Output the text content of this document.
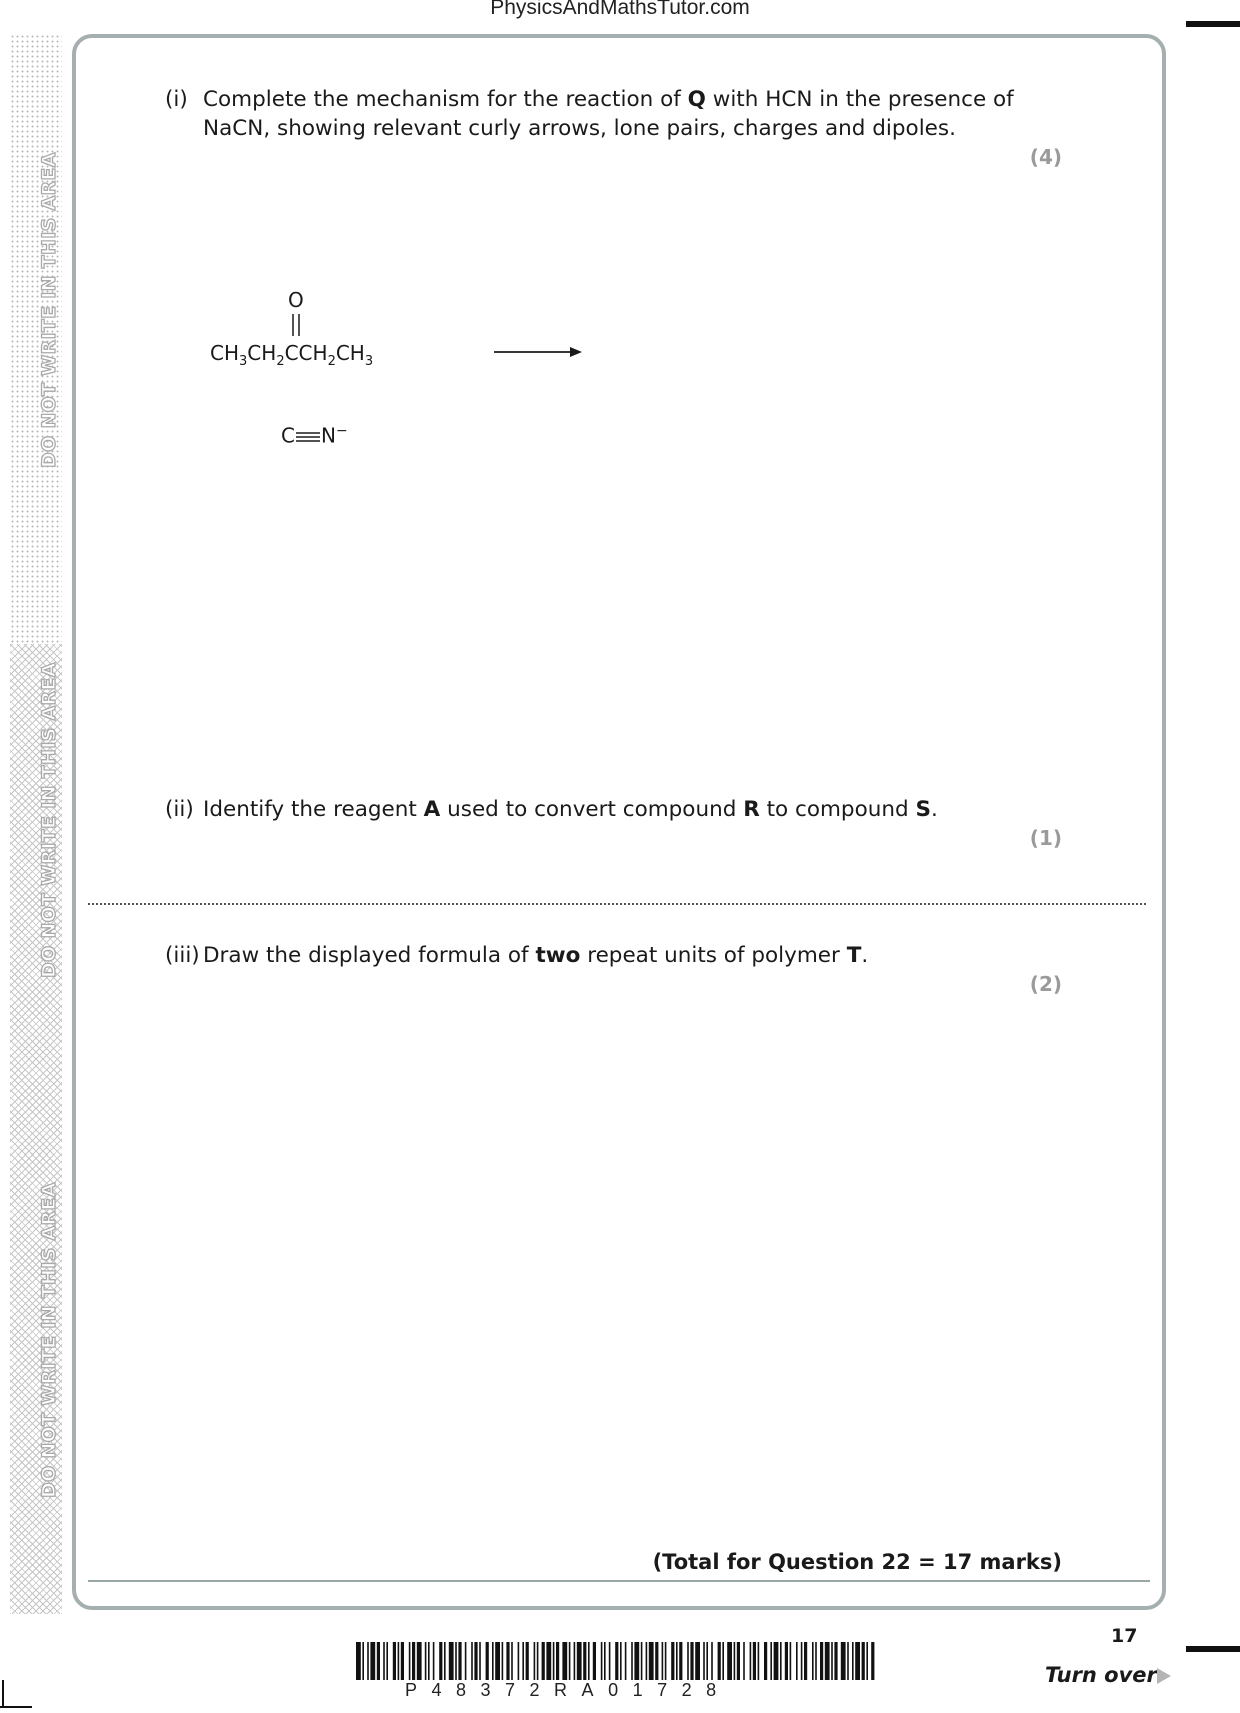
PhysicsAndMathsTutor.com
DO NOT WRITE IN THIS AREA
DO NOT WRITE IN THIS AREA
DO NOT WRITE IN THIS AREA
(i) Complete the mechanism for the reaction of Q with HCN in the presence of
NaCN, showing relevant curly arrows, lone pairs, charges and dipoles.
(4)
O
$CH_3CH_2CCH_2CH_3$
C N−
(ii) Identify the reagent A used to convert compound R to compound S.
(1)
(iii) Draw the displayed formula of two repeat units of polymer T.
(2)
(Total for Question 22 = 17 marks)
17
Turn over
P48372RA01728
